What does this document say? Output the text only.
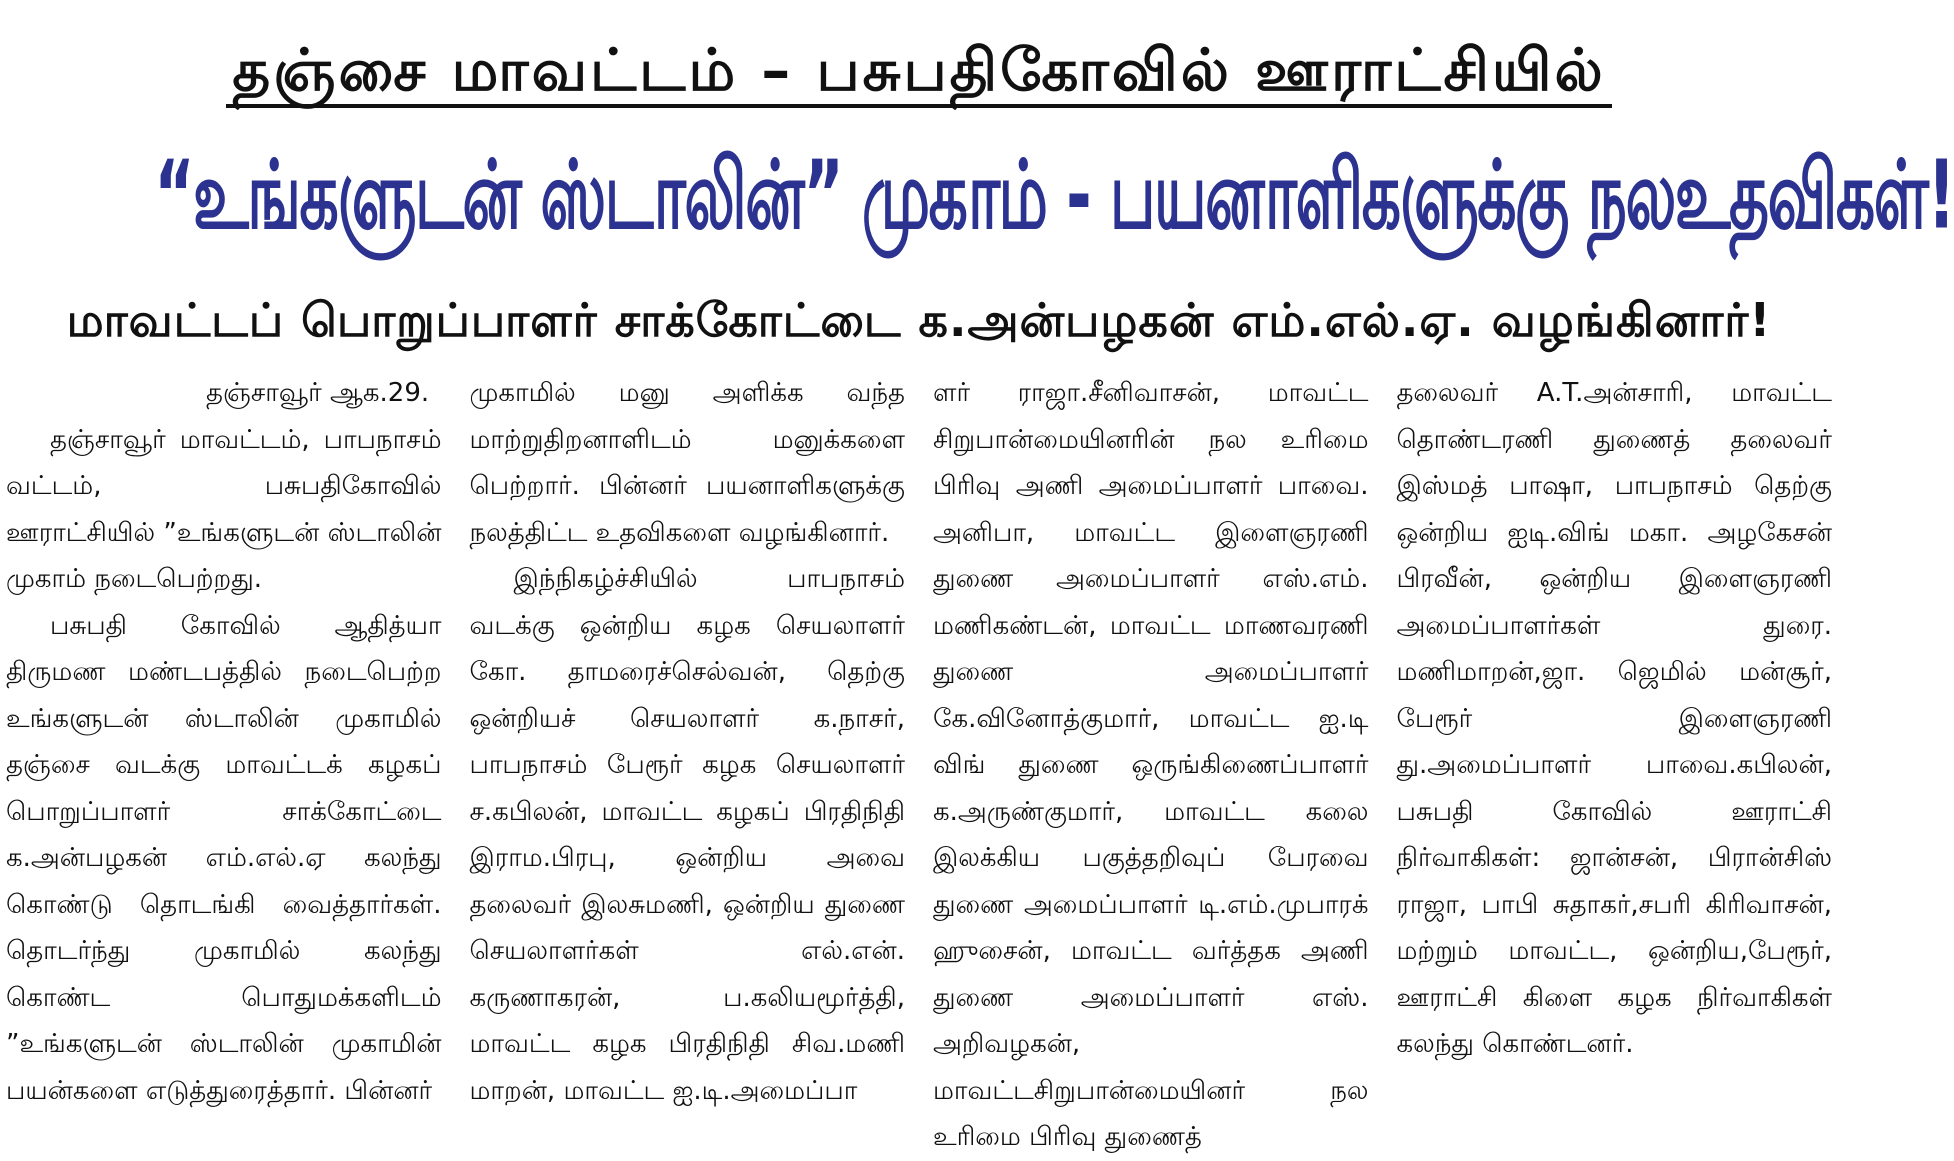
தஞ்சை மாவட்டம் – பசுபதிகோவில் ஊராட்சியில்
“உங்களுடன் ஸ்டாலின்” முகாம் - பயனாளிகளுக்கு நலஉதவிகள்!
மாவட்டப் பொறுப்பாளர் சாக்கோட்டை க.அன்பழகன் எம்.எல்.ஏ. வழங்கினார்!

தஞ்சாவூர் ஆக.29.

தஞ்சாவூர் மாவட்டம், பாபநாசம் வட்டம், பசுபதிகோவில் ஊராட்சியில் ”உங்களுடன் ஸ்டாலின் முகாம் நடைபெற்றது.

பசுபதி கோவில் ஆதித்யா திருமண மண்டபத்தில் நடைபெற்ற உங்களுடன் ஸ்டாலின் முகாமில் தஞ்சை வடக்கு மாவட்டக் கழகப் பொறுப்பாளர் சாக்கோட்டை க.அன்பழகன் எம்.எல்.ஏ கலந்து கொண்டு தொடங்கி வைத்தார்கள். தொடர்ந்து முகாமில் கலந்து கொண்ட பொதுமக்களிடம் ”உங்களுடன் ஸ்டாலின் முகாமின் பயன்களை எடுத்துரைத்தார். பின்னர்

முகாமில் மனு அளிக்க வந்த மாற்றுதிறனாளிடம் மனுக்களை பெற்றார். பின்னர் பயனாளிகளுக்கு நலத்திட்ட உதவிகளை வழங்கினார்.

இந்நிகழ்ச்சியில் பாபநாசம் வடக்கு ஒன்றிய கழக செயலாளர் கோ. தாமரைச்செல்வன், தெற்கு ஒன்றியச் செயலாளர் க.நாசர், பாபநாசம் பேரூர் கழக செயலாளர் ச.கபிலன், மாவட்ட கழகப் பிரதிநிதி இராம.பிரபு, ஒன்றிய அவை தலைவர் இலசுமணி, ஒன்றிய துணை செயலாளர்கள் எல்.என். கருணாகரன், ப.கலியமூர்த்தி, மாவட்ட கழக பிரதிநிதி சிவ.மணி மாறன், மாவட்ட ஐ.டி.அமைப்பா

ளர் ராஜா.சீனிவாசன், மாவட்ட சிறுபான்மையினரின் நல உரிமை பிரிவு அணி அமைப்பாளர் பாவை. அனிபா, மாவட்ட இளைஞரணி துணை அமைப்பாளர் எஸ்.எம். மணிகண்டன், மாவட்ட மாணவரணி துணை அமைப்பாளர் கே.வினோத்குமார், மாவட்ட ஐ.டி விங் துணை ஒருங்கிணைப்பாளர் க.அருண்குமார், மாவட்ட கலை இலக்கிய பகுத்தறிவுப் பேரவை துணை அமைப்பாளர் டி.எம்.முபாரக் ஹுசைன், மாவட்ட வர்த்தக அணி துணை அமைப்பாளர் எஸ். அறிவழகன், மாவட்டசிறுபான்மையினர் நல உரிமை பிரிவு துணைத்

தலைவர் A.T.அன்சாரி, மாவட்ட தொண்டரணி துணைத் தலைவர் இஸ்மத் பாஷா, பாபநாசம் தெற்கு ஒன்றிய ஐடி.விங் மகா. அழகேசன் பிரவீன், ஒன்றிய இளைஞரணி அமைப்பாளர்கள் துரை. மணிமாறன்,ஜா. ஜெமில் மன்சூர், பேரூர் இளைஞரணி து.அமைப்பாளர் பாவை.கபிலன், பசுபதி கோவில் ஊராட்சி நிர்வாகிகள்: ஜான்சன், பிரான்சிஸ் ராஜா, பாபி சுதாகர்,சபரி கிரிவாசன், மற்றும் மாவட்ட, ஒன்றிய,பேரூர், ஊராட்சி கிளை கழக நிர்வாகிகள் கலந்து கொண்டனர்.
